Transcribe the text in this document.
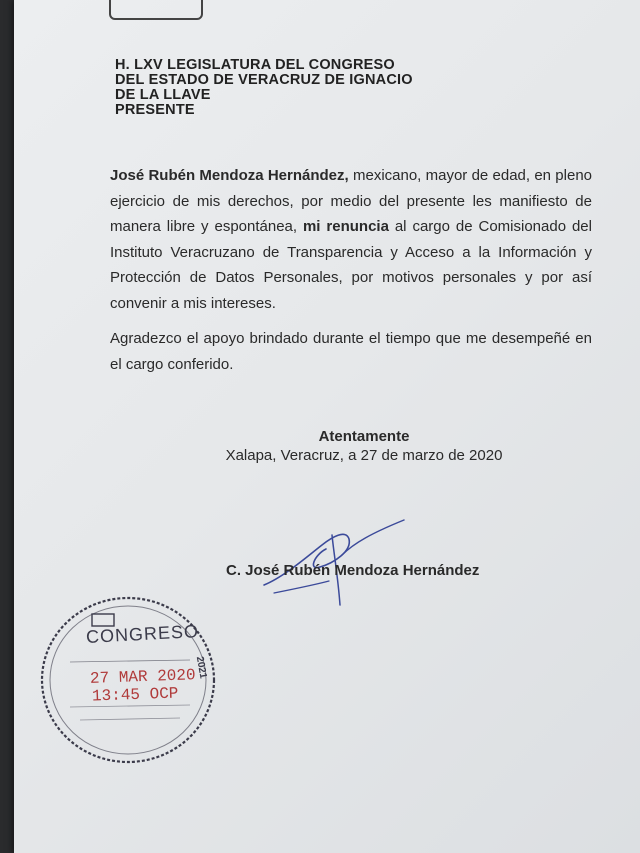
H. LXV LEGISLATURA DEL CONGRESO
DEL ESTADO DE VERACRUZ DE IGNACIO
DE LA LLAVE
PRESENTE
José Rubén Mendoza Hernández, mexicano, mayor de edad, en pleno ejercicio de mis derechos, por medio del presente les manifiesto de manera libre y espontánea, mi renuncia al cargo de Comisionado del Instituto Veracruzano de Transparencia y Acceso a la Información y Protección de Datos Personales, por motivos personales y por así convenir a mis intereses.
Agradezco el apoyo brindado durante el tiempo que me desempeñé en el cargo conferido.
Atentamente
Xalapa, Veracruz, a 27 de marzo de 2020
C. José Rubén Mendoza Hernández
CONGRESO
27 MAR 2020
13:45 OCP
2021
